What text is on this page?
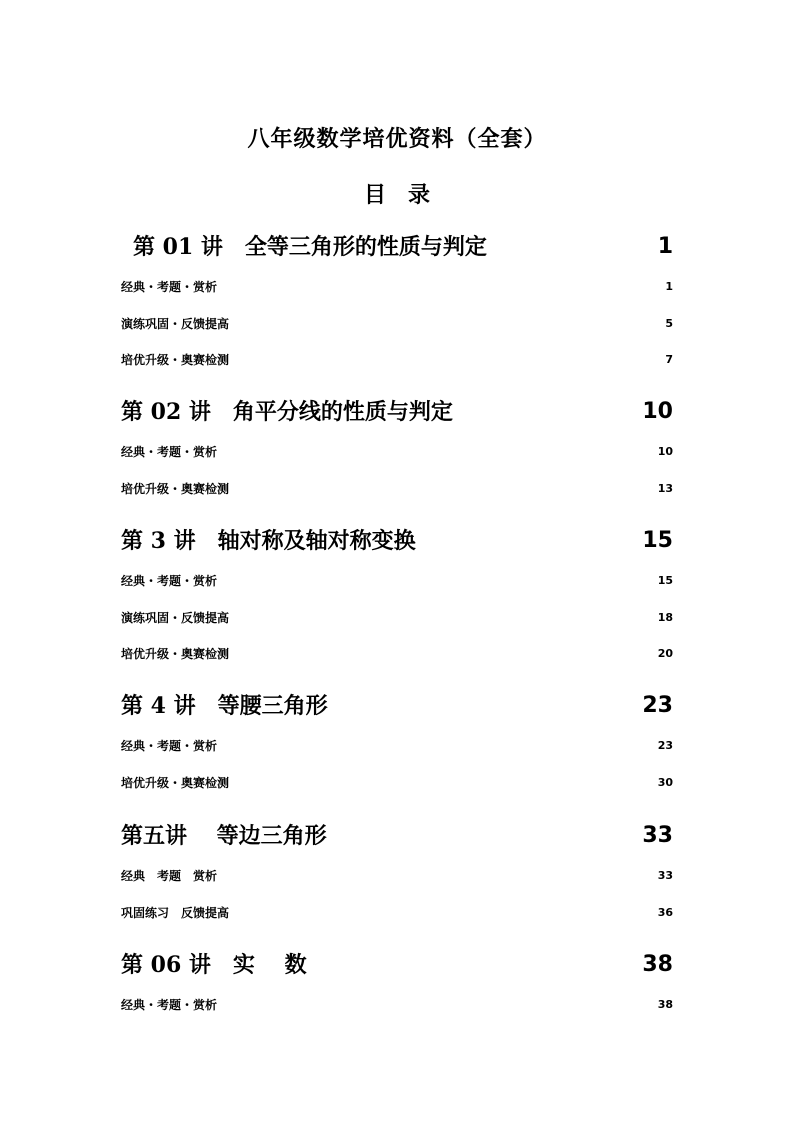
八年级数学培优资料（全套）
目　录
第 01 讲　全等三角形的性质与判定	1
经典・考题・赏析	1
演练巩固・反馈提高	5
培优升级・奥赛检测	7
第 02 讲　角平分线的性质与判定	10
经典・考题・赏析	10
培优升级・奥赛检测	13
第 3 讲　轴对称及轴对称变换	15
经典・考题・赏析	15
演练巩固・反馈提高	18
培优升级・奥赛检测	20
第 4 讲　等腰三角形	23
经典・考题・赏析	23
培优升级・奥赛检测	30
第五讲　 等边三角形	33
经典　考题　赏析	33
巩固练习　反馈提高	36
第 06 讲　实　 数	38
经典・考题・赏析	38
